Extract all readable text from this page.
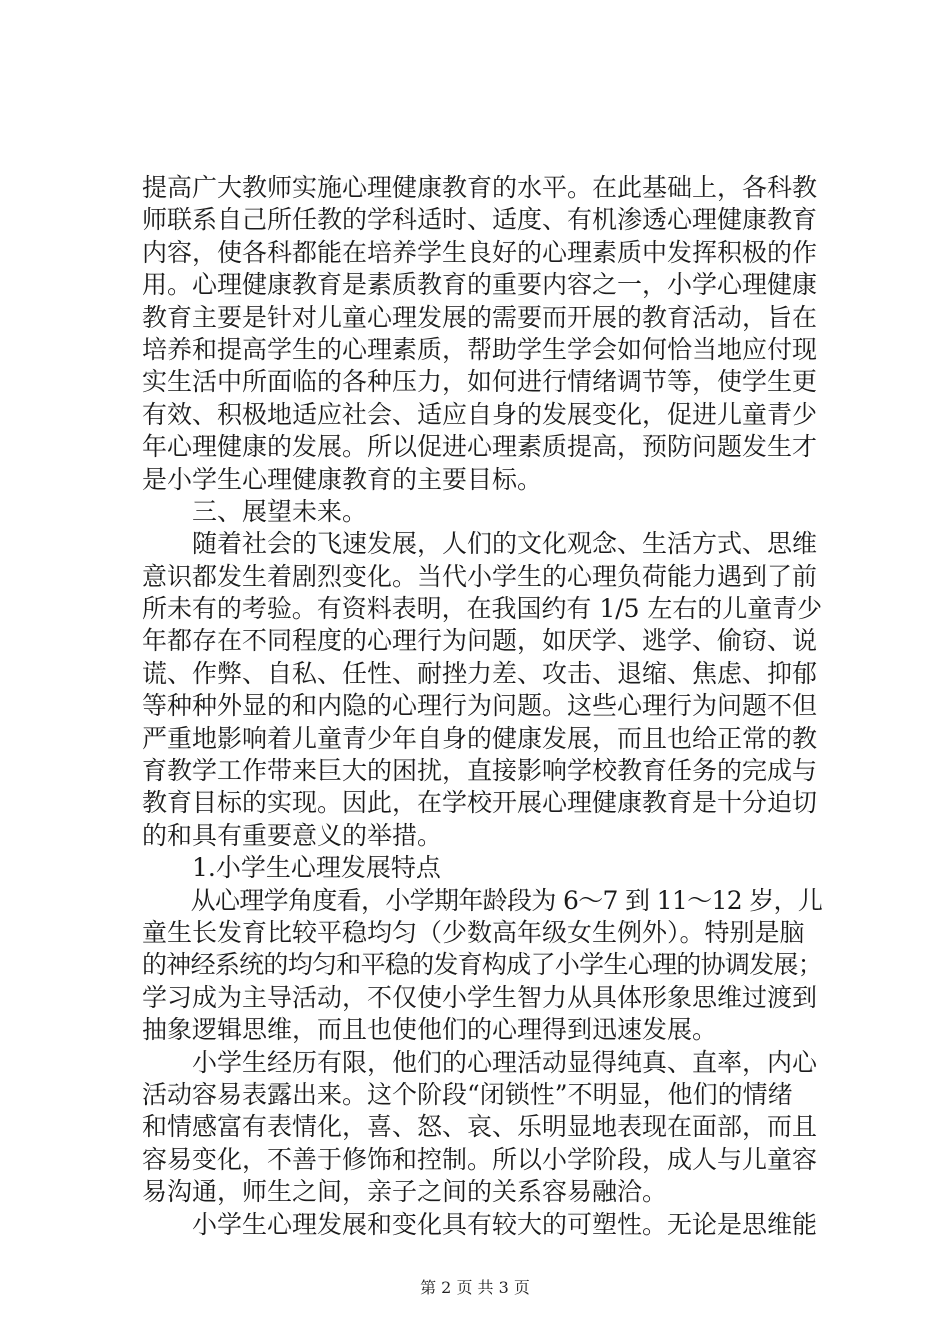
提高广大教师实施心理健康教育的水平。在此基础上，各科教
师联系自己所任教的学科适时、适度、有机渗透心理健康教育
内容，使各科都能在培养学生良好的心理素质中发挥积极的作
用。心理健康教育是素质教育的重要内容之一，小学心理健康
教育主要是针对儿童心理发展的需要而开展的教育活动，旨在
培养和提高学生的心理素质，帮助学生学会如何恰当地应付现
实生活中所面临的各种压力，如何进行情绪调节等，使学生更
有效、积极地适应社会、适应自身的发展变化，促进儿童青少
年心理健康的发展。所以促进心理素质提高，预防问题发生才
是小学生心理健康教育的主要目标。
　　三、展望未来。
　　随着社会的飞速发展，人们的文化观念、生活方式、思维
意识都发生着剧烈变化。当代小学生的心理负荷能力遇到了前
所未有的考验。有资料表明，在我国约有 1/5 左右的儿童青少
年都存在不同程度的心理行为问题，如厌学、逃学、偷窃、说
谎、作弊、自私、任性、耐挫力差、攻击、退缩、焦虑、抑郁
等种种外显的和内隐的心理行为问题。这些心理行为问题不但
严重地影响着儿童青少年自身的健康发展，而且也给正常的教
育教学工作带来巨大的困扰，直接影响学校教育任务的完成与
教育目标的实现。因此，在学校开展心理健康教育是十分迫切
的和具有重要意义的举措。
　　1.小学生心理发展特点
　　从心理学角度看，小学期年龄段为 6～7 到 11～12 岁，儿
童生长发育比较平稳均匀（少数高年级女生例外）。特别是脑
的神经系统的均匀和平稳的发育构成了小学生心理的协调发展；
学习成为主导活动，不仅使小学生智力从具体形象思维过渡到
抽象逻辑思维，而且也使他们的心理得到迅速发展。
　　小学生经历有限，他们的心理活动显得纯真、直率，内心
活动容易表露出来。这个阶段“闭锁性”不明显，他们的情绪
和情感富有表情化，喜、怒、哀、乐明显地表现在面部，而且
容易变化，不善于修饰和控制。所以小学阶段，成人与儿童容
易沟通，师生之间，亲子之间的关系容易融洽。
　　小学生心理发展和变化具有较大的可塑性。无论是思维能
第 2 页 共 3 页
